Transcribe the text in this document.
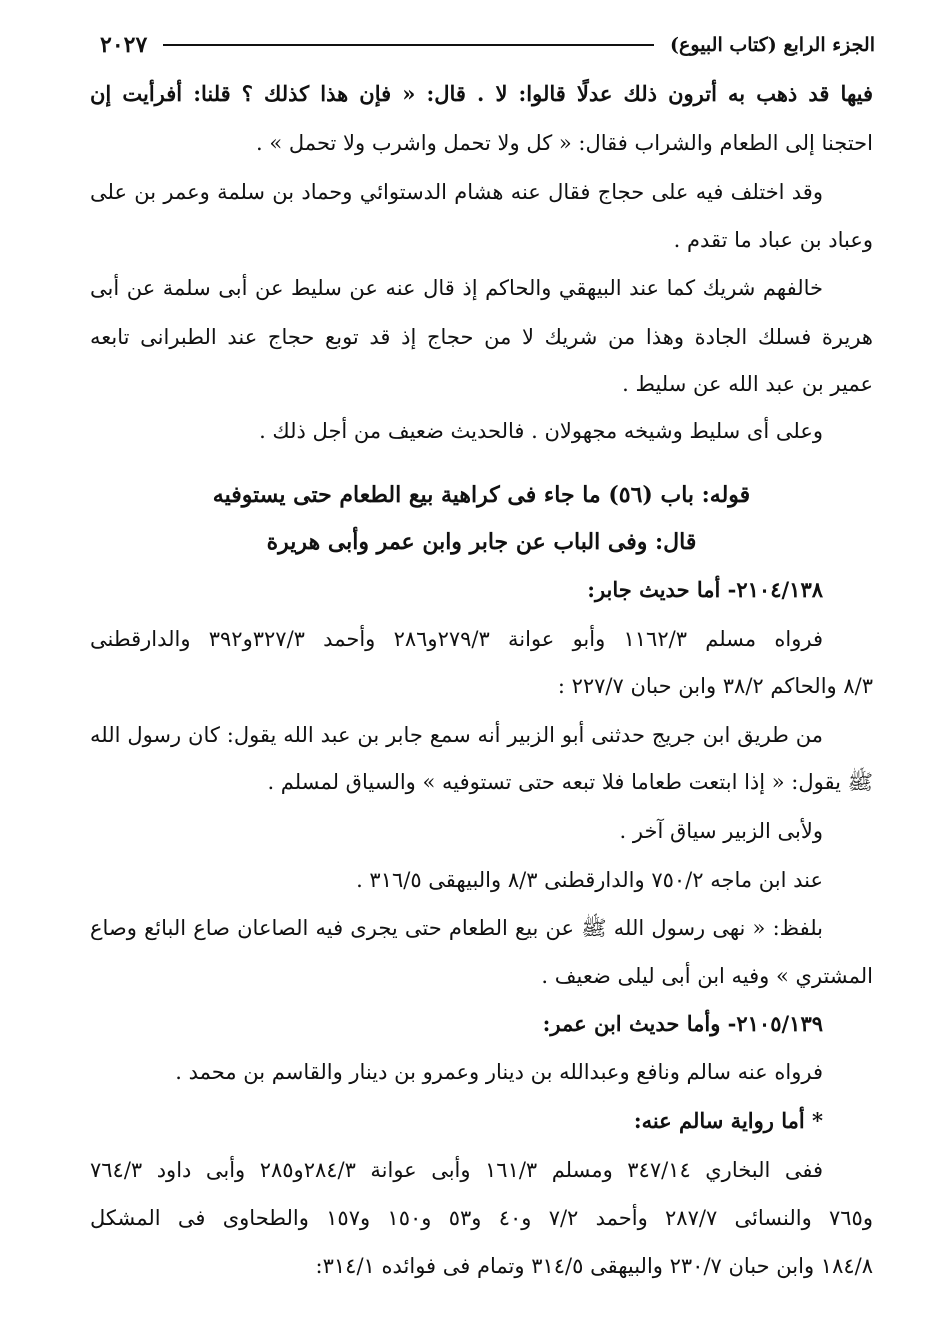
الجزء الرابع (كتاب البيوع)
٢٠٢٧
فيها قد ذهب به أترون ذلك عدلًا قالوا: لا . قال: « فإن هذا كذلك ؟ قلنا: أفرأيت إن
احتجنا إلى الطعام والشراب فقال: « كل ولا تحمل واشرب ولا تحمل » .
وقد اختلف فيه على حجاج فقال عنه هشام الدستوائي وحماد بن سلمة وعمر بن على
وعباد بن عباد ما تقدم .
خالفهم شريك كما عند البيهقي والحاكم إذ قال عنه عن سليط عن أبى سلمة عن أبى
هريرة فسلك الجادة وهذا من شريك لا من حجاج إذ قد توبع حجاج عند الطبرانى تابعه
عمير بن عبد الله عن سليط .
وعلى أى سليط وشيخه مجهولان . فالحديث ضعيف من أجل ذلك .
قوله: باب (٥٦) ما جاء فى كراهية بيع الطعام حتى يستوفيه
قال: وفى الباب عن جابر وابن عمر وأبى هريرة
٢١٠٤/١٣٨- أما حديث جابر:
فرواه مسلم ١١٦٢/٣ وأبو عوانة ٢٧٩/٣و٢٨٦ وأحمد ٣٢٧/٣و٣٩٢ والدارقطنى
٨/٣ والحاكم ٣٨/٢ وابن حبان ٢٢٧/٧ :
من طريق ابن جريج حدثنى أبو الزبير أنه سمع جابر بن عبد الله يقول: كان رسول الله
ﷺ يقول: « إذا ابتعت طعاما فلا تبعه حتى تستوفيه » والسياق لمسلم .
ولأبى الزبير سياق آخر .
عند ابن ماجه ٧٥٠/٢ والدارقطنى ٨/٣ والبيهقى ٣١٦/٥ .
بلفظ: « نهى رسول الله ﷺ عن بيع الطعام حتى يجرى فيه الصاعان صاع البائع وصاع
المشتري » وفيه ابن أبى ليلى ضعيف .
٢١٠٥/١٣٩- وأما حديث ابن عمر:
فرواه عنه سالم ونافع وعبدالله بن دينار وعمرو بن دينار والقاسم بن محمد .
* أما رواية سالم عنه:
ففى البخاري ٣٤٧/١٤ ومسلم ١٦١/٣ وأبى عوانة ٢٨٤/٣و٢٨٥ وأبى داود ٧٦٤/٣
و٧٦٥ والنسائى ٢٨٧/٧ وأحمد ٧/٢ و٤٠ و٥٣ و١٥٠ و١٥٧ والطحاوى فى المشكل
١٨٤/٨ وابن حبان ٢٣٠/٧ والبيهقى ٣١٤/٥ وتمام فى فوائده ٣١٤/١:
